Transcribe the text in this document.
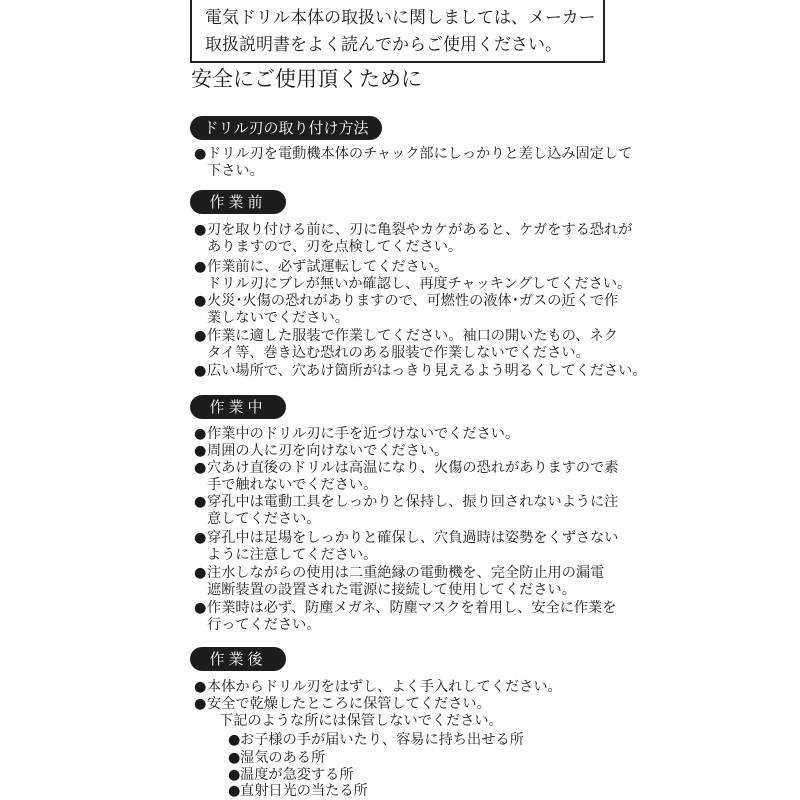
電気ドリル本体の取扱いに関しましては、メーカー
取扱説明書をよく読んでからご使用ください。
安全にご使用頂くために
ドリル刃の取り付け方法
● ドリル刃を電動機本体のチャック部にしっかりと差し込み固定して
下さい。
作業前
● 刃を取り付ける前に、刃に亀裂やカケがあると、ケガをする恐れが
ありますので、刃を点検してください。
● 作業前に、必ず試運転してください。
ドリル刃にブレが無いか確認し、再度チャッキングしてください。
● 火災･火傷の恐れがありますので、可燃性の液体･ガスの近くで作
業しないでください。
● 作業に適した服装で作業してください。袖口の開いたもの、ネク
タイ等、巻き込む恐れのある服装で作業しないでください。
● 広い場所で、穴あけ箇所がはっきり見えるよう明るくしてください。
作業中
● 作業中のドリル刃に手を近づけないでください。
● 周囲の人に刃を向けないでください。
● 穴あけ直後のドリルは高温になり、火傷の恐れがありますので素
手で触れないでください。
● 穿孔中は電動工具をしっかりと保持し、振り回されないように注
意してください。
● 穿孔中は足場をしっかりと確保し、穴負過時は姿勢をくずさない
ように注意してください。
● 注水しながらの使用は二重絶縁の電動機を、完全防止用の漏電
遮断装置の設置された電源に接続して使用してください。
● 作業時は必ず、防塵メガネ、防塵マスクを着用し、安全に作業を
行ってください。
作業後
● 本体からドリル刃をはずし、よく手入れしてください。
● 安全で乾燥したところに保管してください。
下記のような所には保管しないでください。
●お子様の手が届いたり、容易に持ち出せる所
●湿気のある所
●温度が急変する所
●直射日光の当たる所
